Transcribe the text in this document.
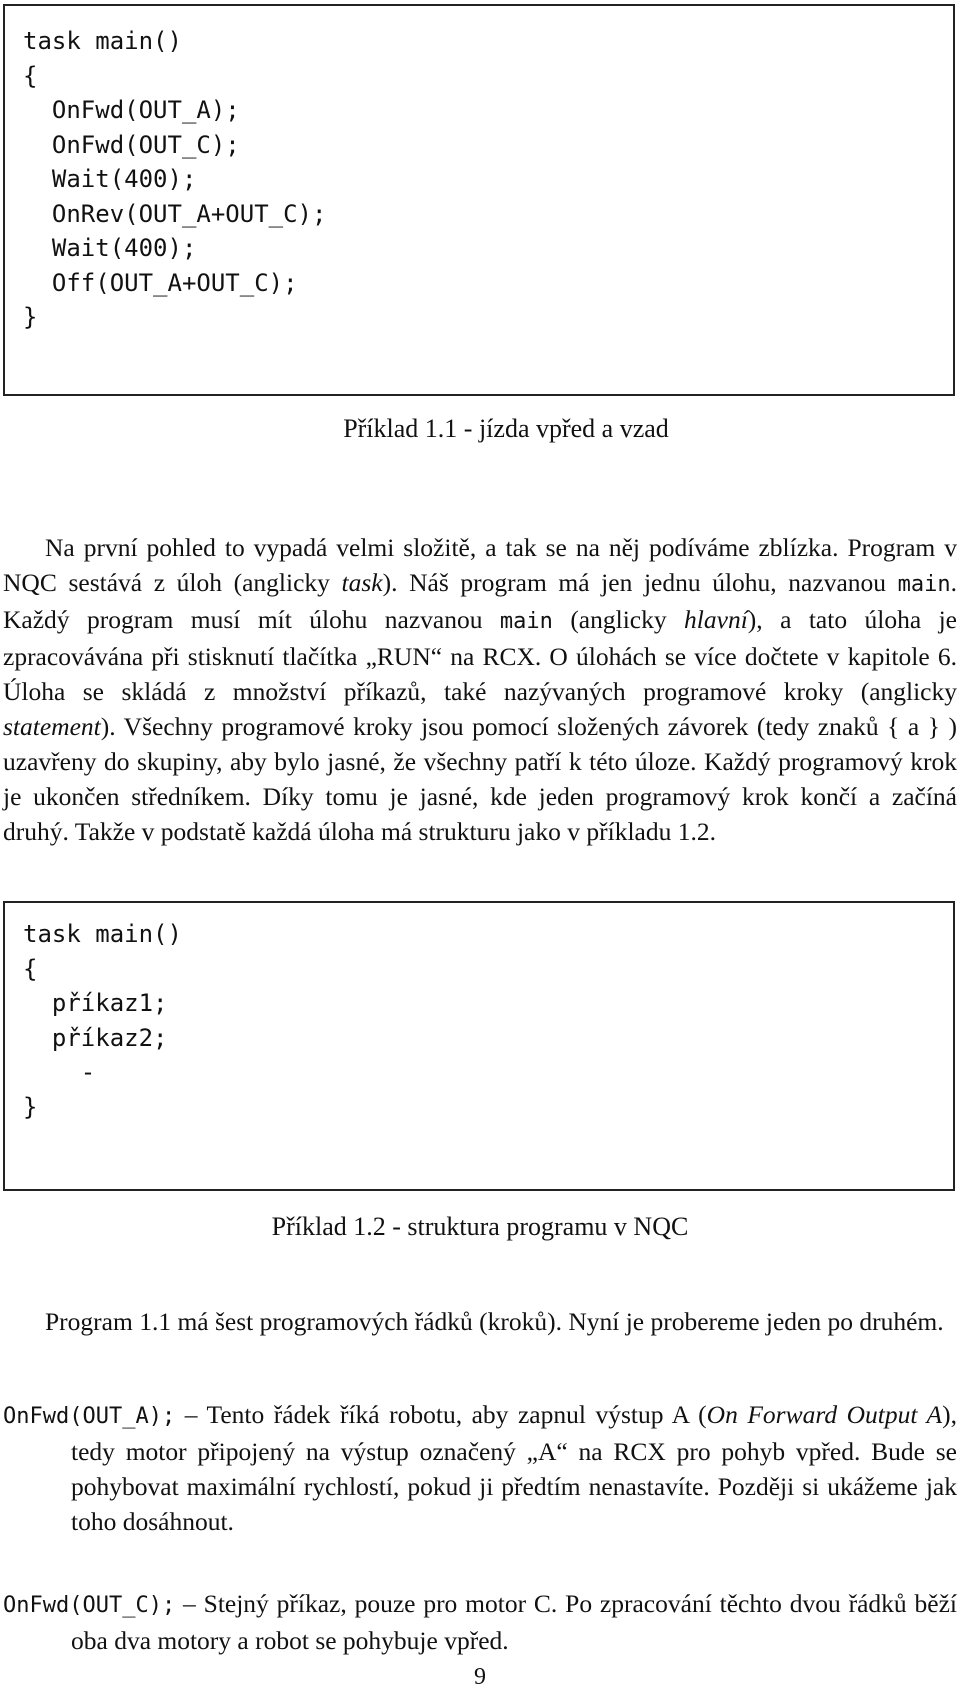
task main()
{
OnFwd(OUT_A);
OnFwd(OUT_C);
Wait(400);
OnRev(OUT_A+OUT_C);
Wait(400);
Off(OUT_A+OUT_C);
}
Příklad 1.1 - jízda vpřed a vzad

Na první pohled to vypadá velmi složitě, a tak se na něj podíváme zblízka. Program v NQC sestává z úloh (anglicky task). Náš program má jen jednu úlohu, nazvanou main. Každý program musí mít úlohu nazvanou main (anglicky hlavní), a tato úloha je zpracovávána při stisknutí tlačítka „RUN“ na RCX. O úlohách se více dočtete v kapitole 6. Úloha se skládá z množství příkazů, také nazývaných programové kroky (anglicky statement). Všechny programové kroky jsou pomocí složených závorek (tedy znaků { a } ) uzavřeny do skupiny, aby bylo jasné, že všechny patří k této úloze. Každý programový krok je ukončen středníkem. Díky tomu je jasné, kde jeden programový krok končí a začíná druhý. Takže v podstatě každá úloha má strukturu jako v příkladu 1.2.

task main()
{
příkaz1;
příkaz2;
-
}
Příklad 1.2 - struktura programu v NQC

Program 1.1 má šest programových řádků (kroků). Nyní je probereme jeden po druhém.

OnFwd(OUT_A); – Tento řádek říká robotu, aby zapnul výstup A (On Forward Output A), tedy motor připojený na výstup označený „A“ na RCX pro pohyb vpřed. Bude se pohybovat maximální rychlostí, pokud ji předtím nenastavíte. Později si ukážeme jak toho dosáhnout.

OnFwd(OUT_C); – Stejný příkaz, pouze pro motor C. Po zpracování těchto dvou řádků běží oba dva motory a robot se pohybuje vpřed.

9
